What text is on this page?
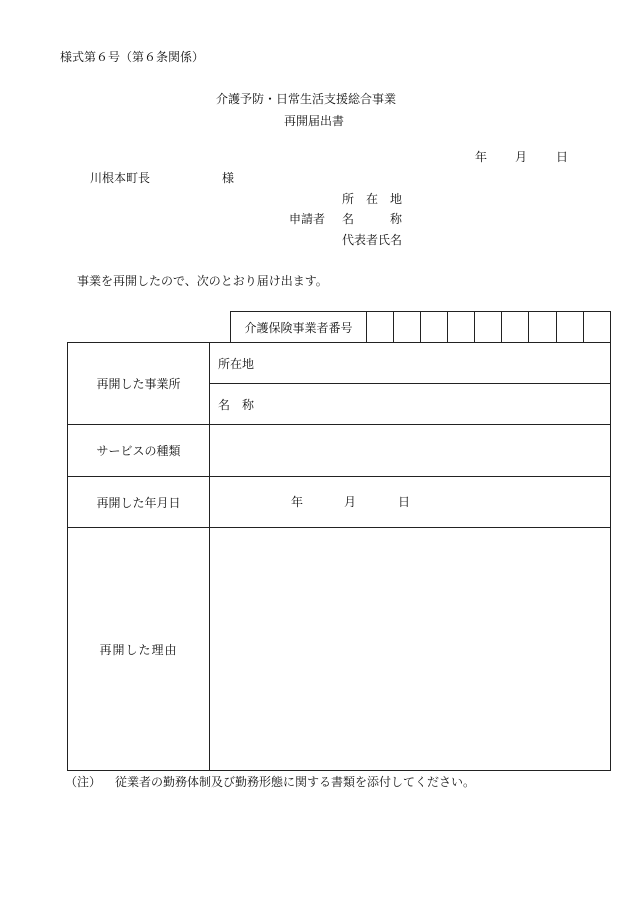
様式第６号（第６条関係）
介護予防・日常生活支援総合事業
再開届出書
年 月 日
川根本町長	様
所　在　地
申請者 名　　　称
代表者氏名
事業を再開したので、次のとおり届け出ます。
介護保険事業者番号
再開した事業所
所在地
名　称
サービスの種類
再開した年月日	年	月	日
再開した理由
（注） 従業者の勤務体制及び勤務形態に関する書類を添付してください。
